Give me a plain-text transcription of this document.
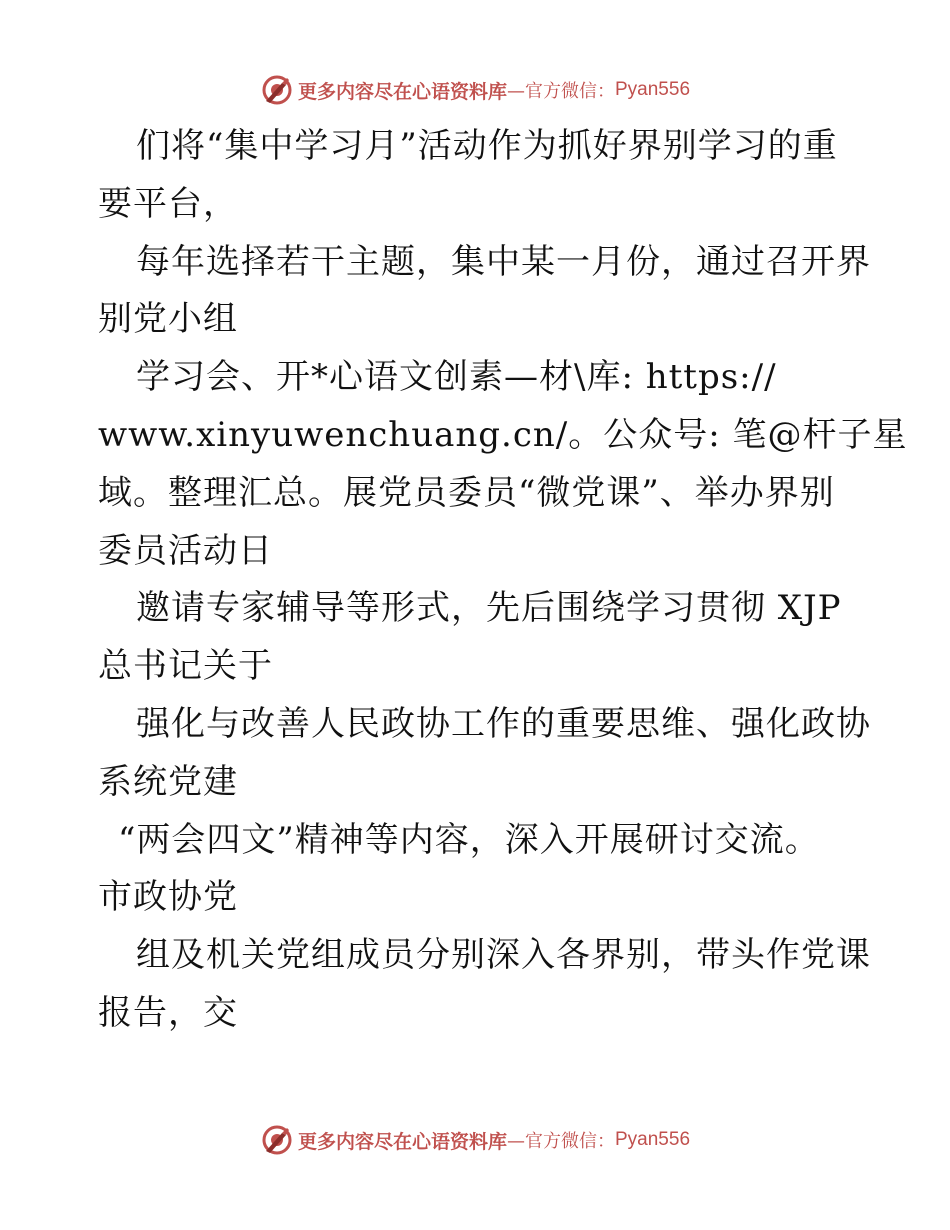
更多内容尽在心语资料库 —官方微信： Pyan556
们将“集中学习月”活动作为抓好界别学习的重
要平台，
每年选择若干主题，集中某一月份，通过召开界
别党小组
学习会、开*心语文创素—材\库: https://
www.xinyuwenchuang.cn/。公众号: 笔@杆子星
域。整理汇总。展党员委员“微党课”、举办界别
委员活动日
邀请专家辅导等形式，先后围绕学习贯彻 XJP
总书记关于
强化与改善人民政协工作的重要思维、强化政协
系统党建
“两会四文”精神等内容，深入开展研讨交流。
市政协党
组及机关党组成员分别深入各界别，带头作党课
报告，交
更多内容尽在心语资料库 —官方微信： Pyan556
